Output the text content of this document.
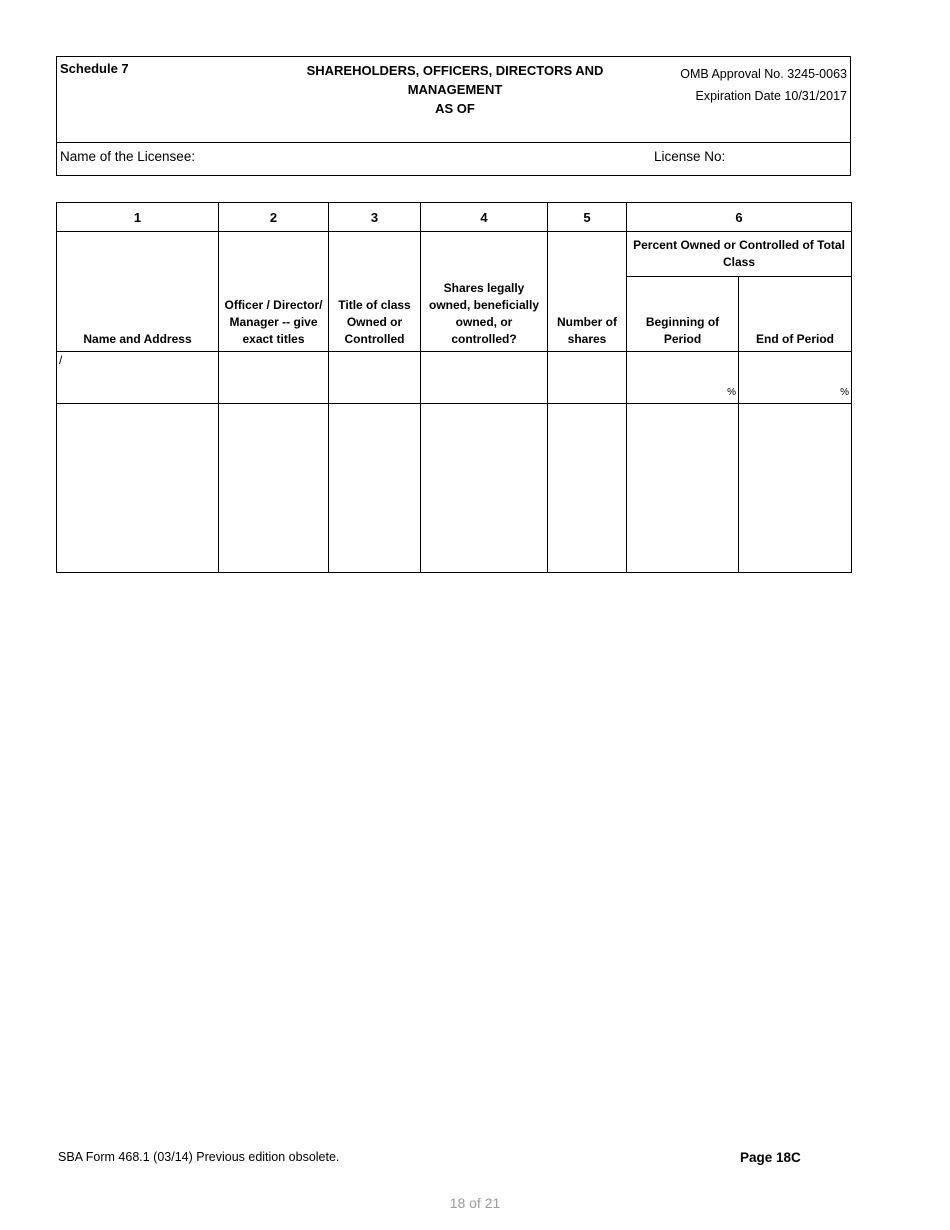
Schedule 7	SHAREHOLDERS, OFFICERS, DIRECTORS AND
MANAGEMENT
AS OF
OMB Approval No. 3245-0063
Expiration Date 10/31/2017
Name of the Licensee:	License No:
1	2	3	4	5	6	
Name and Address	Officer / Director/ Manager -- give exact titles	Title of class Owned or Controlled	Shares legally owned, beneficially owned, or controlled?	Number of shares	Percent Owned or Controlled of Total Class	
					Beginning of Period	End of Period
/					%	%

SBA Form 468.1 (03/14) Previous edition obsolete.	Page 18C
18 of 21
